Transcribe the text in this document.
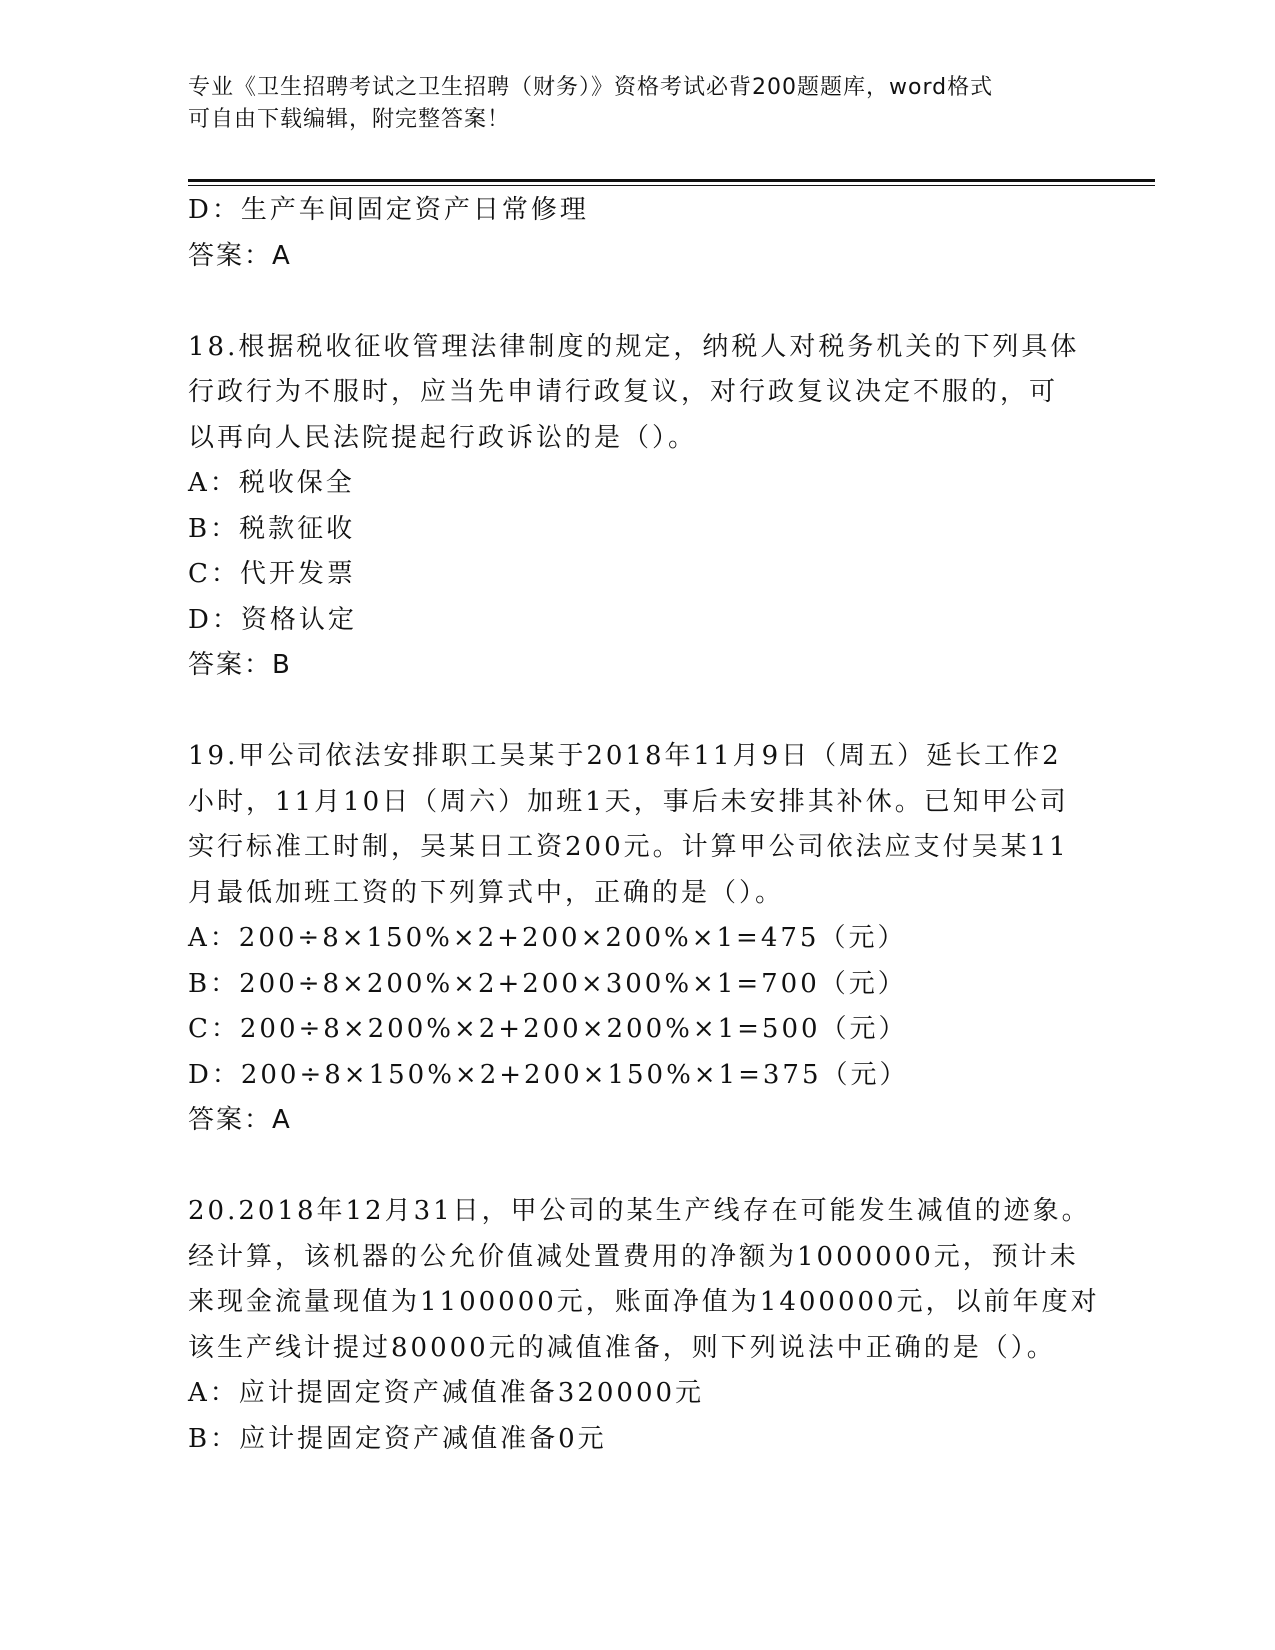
专业《卫生招聘考试之卫生招聘（财务）》资格考试必背200题题库，word格式
可自由下载编辑，附完整答案！
D：生产车间固定资产日常修理
答案：A
18.根据税收征收管理法律制度的规定，纳税人对税务机关的下列具体
行政行为不服时，应当先申请行政复议，对行政复议决定不服的，可
以再向人民法院提起行政诉讼的是（）。
A：税收保全
B：税款征收
C：代开发票
D：资格认定
答案：B
19.甲公司依法安排职工吴某于2018年11月9日（周五）延长工作2
小时，11月10日（周六）加班1天，事后未安排其补休。已知甲公司
实行标准工时制，吴某日工资200元。计算甲公司依法应支付吴某11
月最低加班工资的下列算式中，正确的是（）。
A：200÷8×150%×2+200×200%×1=475（元）
B：200÷8×200%×2+200×300%×1=700（元）
C：200÷8×200%×2+200×200%×1=500（元）
D：200÷8×150%×2+200×150%×1=375（元）
答案：A
20.2018年12月31日，甲公司的某生产线存在可能发生减值的迹象。
经计算，该机器的公允价值减处置费用的净额为1000000元，预计未
来现金流量现值为1100000元，账面净值为1400000元，以前年度对
该生产线计提过80000元的减值准备，则下列说法中正确的是（）。
A：应计提固定资产减值准备320000元
B：应计提固定资产减值准备0元
